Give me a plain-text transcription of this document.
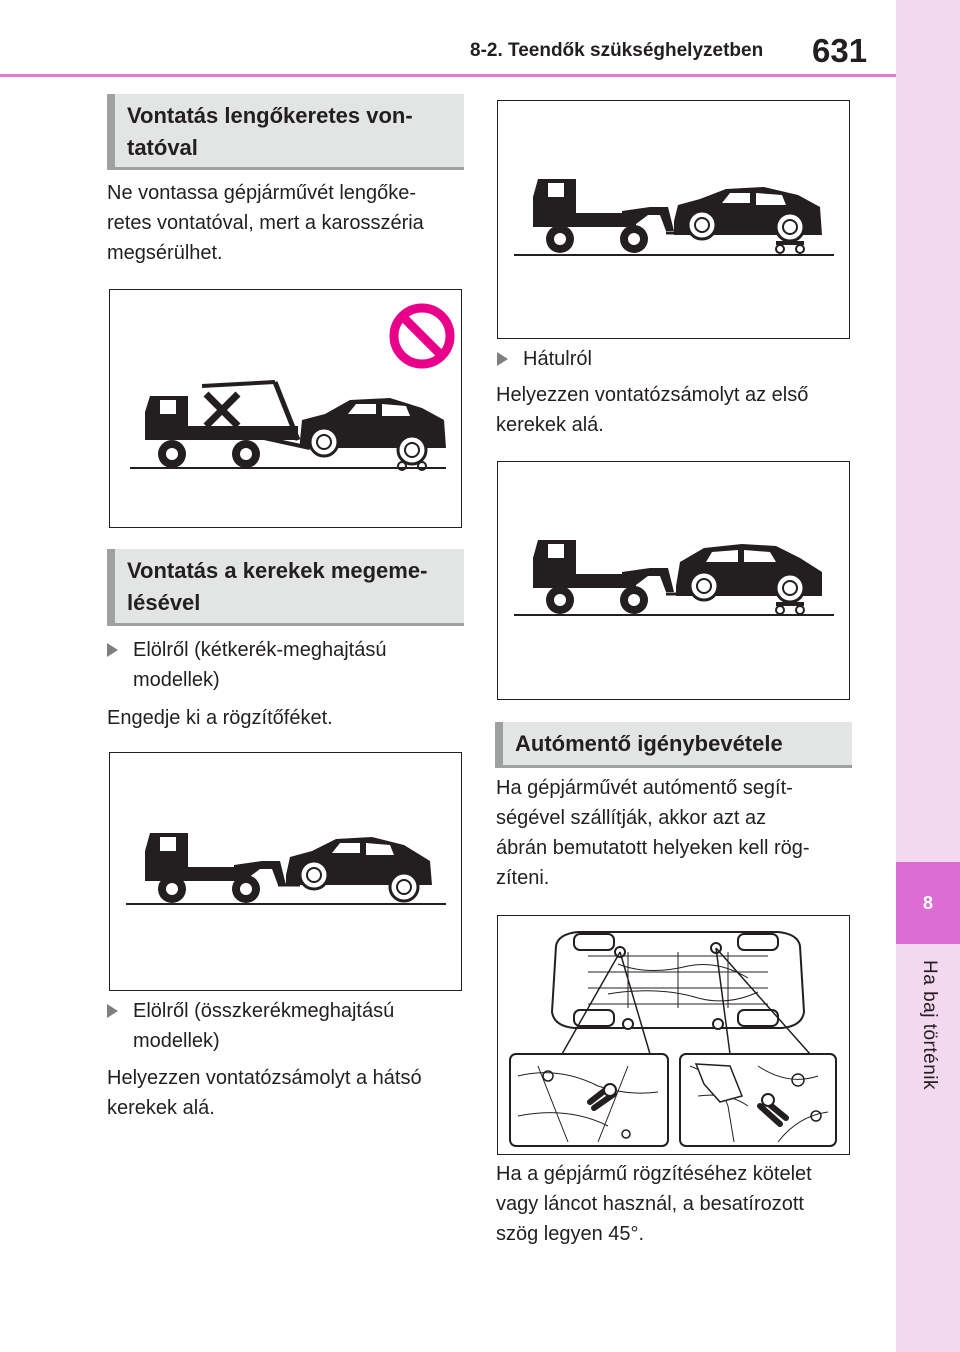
8-2. Teendők szükséghelyzetben 631
8
Ha baj történik
Vontatás lengőkeretes von-
tatóval
Ne vontassa gépjárművét lengőke-
retes vontatóval, mert a karosszéria
megsérülhet.
Vontatás a kerekek megeme-
lésével
Elölről (kétkerék-meghajtású
modellek)
Engedje ki a rögzítőféket.
Elölről (összkerékmeghajtású
modellek)
Helyezzen vontatózsámolyt a hátsó
kerekek alá.
Hátulról
Helyezzen vontatózsámolyt az első
kerekek alá.
Autómentő igénybevétele
Ha gépjárművét autómentő segít-
ségével szállítják, akkor azt az
ábrán bemutatott helyeken kell rög-
zíteni.
Ha a gépjármű rögzítéséhez kötelet
vagy láncot használ, a besatírozott
szög legyen 45°.
